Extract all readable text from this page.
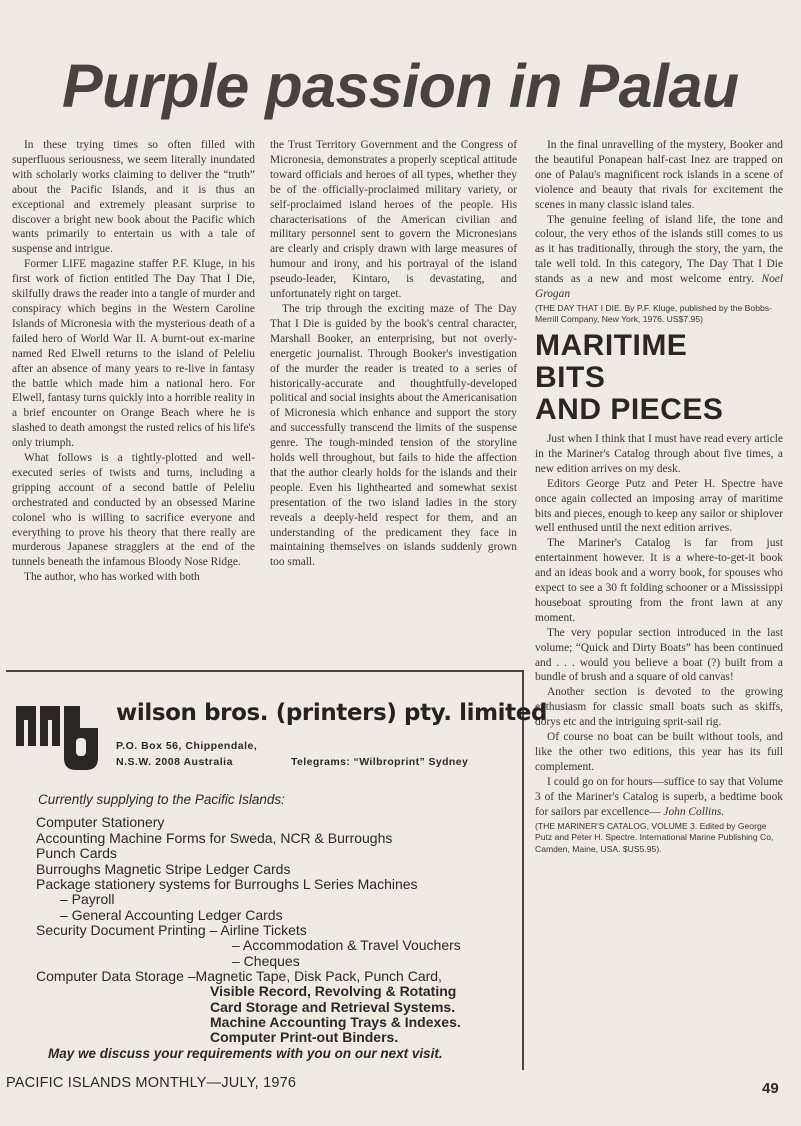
Purple passion in Palau

In these trying times so often filled with superfluous seriousness, we seem literally inundated with scholarly works claiming to deliver the “truth” about the Pacific Islands, and it is thus an exceptional and extremely pleasant surprise to discover a bright new book about the Pacific which wants primarily to entertain us with a tale of suspense and intrigue.

Former LIFE magazine staffer P.F. Kluge, in his first work of fiction entitled The Day That I Die, skilfully draws the reader into a tangle of murder and conspiracy which begins in the Western Caroline Islands of Micronesia with the mysterious death of a failed hero of World War II. A burnt-out ex-marine named Red Elwell returns to the island of Peleliu after an absence of many years to re-live in fantasy the battle which made him a national hero. For Elwell, fantasy turns quickly into a horrible reality in a brief encounter on Orange Beach where he is slashed to death amongst the rusted relics of his life's only triumph.

What follows is a tightly-plotted and well-executed series of twists and turns, including a gripping account of a second battle of Peleliu orchestrated and conducted by an obsessed Marine colonel who is willing to sacrifice everyone and everything to prove his theory that there really are murderous Japanese stragglers at the end of the tunnels beneath the infamous Bloody Nose Ridge.

The author, who has worked with both

the Trust Territory Government and the Congress of Micronesia, demonstrates a properly sceptical attitude toward officials and heroes of all types, whether they be of the officially-proclaimed military variety, or self-proclaimed island heroes of the people. His characterisations of the American civilian and military personnel sent to govern the Micronesians are clearly and crisply drawn with large measures of humour and irony, and his portrayal of the island pseudo-leader, Kintaro, is devastating, and unfortunately right on target.

The trip through the exciting maze of The Day That I Die is guided by the book's central character, Marshall Booker, an enterprising, but not overly-energetic journalist. Through Booker's investigation of the murder the reader is treated to a series of historically-accurate and thoughtfully-developed political and social insights about the Americanisation of Micronesia which enhance and support the story and successfully transcend the limits of the suspense genre. The tough-minded tension of the storyline holds well throughout, but fails to hide the affection that the author clearly holds for the islands and their people. Even his lighthearted and somewhat sexist presentation of the two island ladies in the story reveals a deeply-held respect for them, and an understanding of the predicament they face in maintaining themselves on islands suddenly grown too small.

In the final unravelling of the mystery, Booker and the beautiful Ponapean half-cast Inez are trapped on one of Palau's magnificent rock islands in a scene of violence and beauty that rivals for excitement the scenes in many classic island tales.

The genuine feeling of island life, the tone and colour, the very ethos of the islands still comes to us as it has traditionally, through the story, the yarn, the tale well told. In this category, The Day That I Die stands as a new and most welcome entry. Noel Grogan

(THE DAY THAT I DIE. By P.F. Kluge, published by the Bobbs-Merrill Company, New York, 1976. US$7.95)

MARITIME
BITS
AND PIECES

Just when I think that I must have read every article in the Mariner's Catalog through about five times, a new edition arrives on my desk.

Editors George Putz and Peter H. Spectre have once again collected an imposing array of maritime bits and pieces, enough to keep any sailor or shiplover well enthused until the next edition arrives.

The Mariner's Catalog is far from just entertainment however. It is a where-to-get-it book and an ideas book and a worry book, for spouses who expect to see a 30 ft folding schooner or a Mississippi houseboat sprouting from the front lawn at any moment.

The very popular section introduced in the last volume; “Quick and Dirty Boats” has been continued and . . . would you believe a boat (?) built from a bundle of brush and a square of old canvas!

Another section is devoted to the growing enthusiasm for classic small boats such as skiffs, dorys etc and the intriguing sprit-sail rig.

Of course no boat can be built without tools, and like the other two editions, this year has its full complement.

I could go on for hours—suffice to say that Volume 3 of the Mariner's Catalog is superb, a bedtime book for sailors par excellence— John Collins.

(THE MARINER'S CATALOG, VOLUME 3. Edited by George Putz and Peter H. Spectre. International Marine Publishing Co, Camden, Maine, USA. $US5.95).

wilson bros. (printers) pty. limited
P.O. Box 56, Chippendale,
N.S.W. 2008 Australia	Telegrams: “Wilbroprint” Sydney
Currently supplying to the Pacific Islands:
Computer Stationery
Accounting Machine Forms for Sweda, NCR & Burroughs
Punch Cards
Burroughs Magnetic Stripe Ledger Cards
Package stationery systems for Burroughs L Series Machines
– Payroll
– General Accounting Ledger Cards
Security Document Printing – Airline Tickets
– Accommodation & Travel Vouchers
– Cheques
Computer Data Storage –Magnetic Tape, Disk Pack, Punch Card,
Visible Record, Revolving & Rotating
Card Storage and Retrieval Systems.
Machine Accounting Trays & Indexes.
Computer Print-out Binders.
May we discuss your requirements with you on our next visit.
PACIFIC ISLANDS MONTHLY—JULY, 1976	49
